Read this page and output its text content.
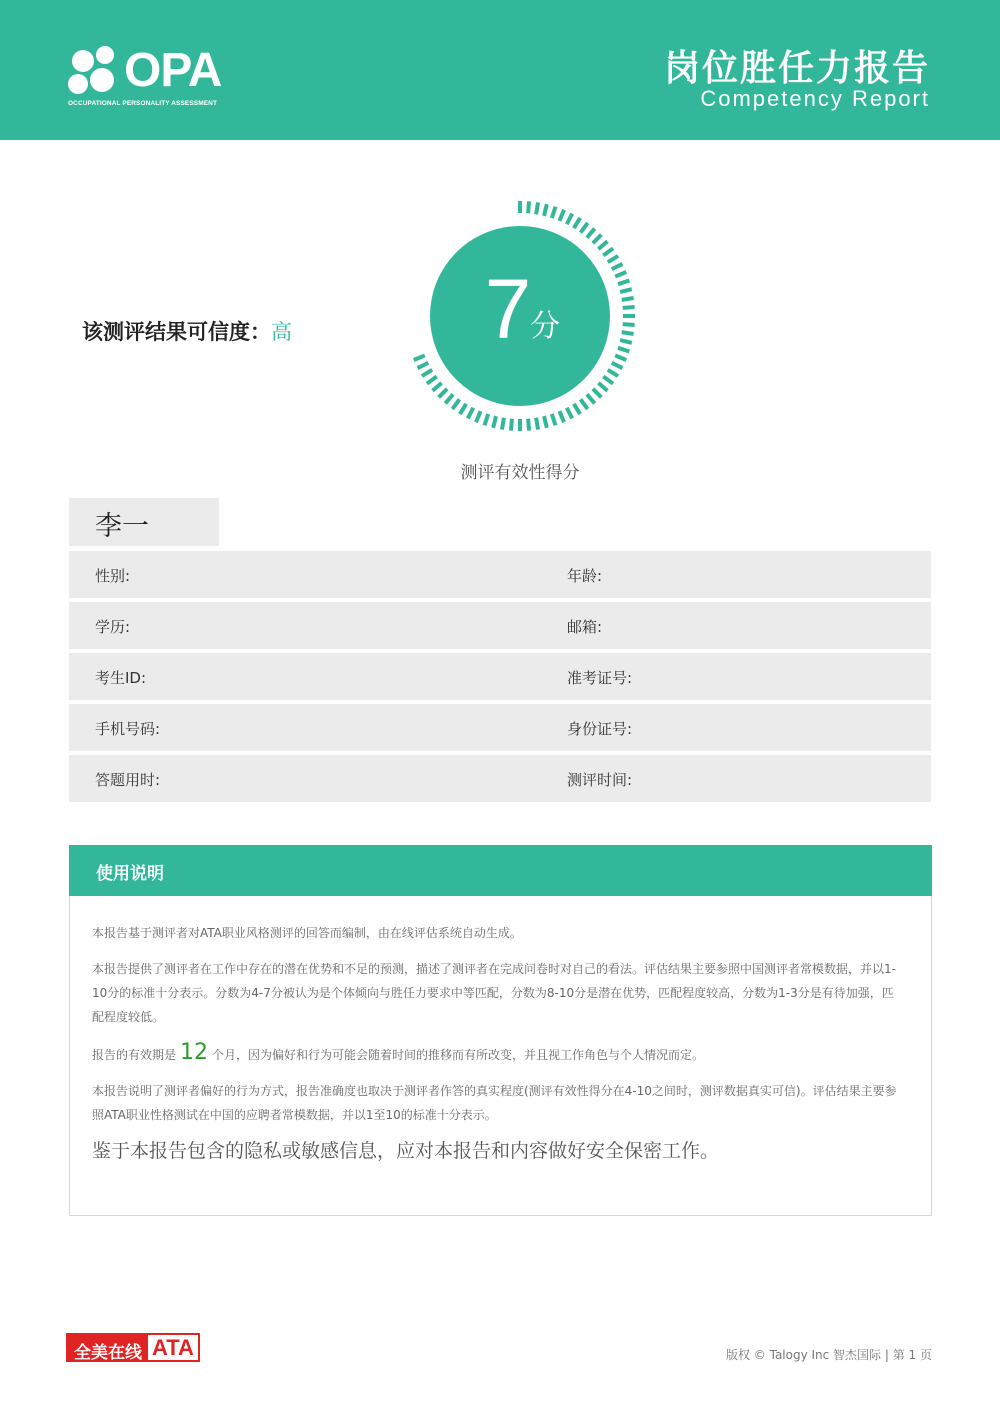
OPA
OCCUPATIONAL PERSONALITY ASSESSMENT
岗位胜任力报告
Competency Report
该测评结果可信度：高 7
分
测评有效性得分
李一
性别:	年龄:
学历:	邮箱:
考生ID:	准考证号:
手机号码:	身份证号:
答题用时:	测评时间:
使用说明

本报告基于测评者对ATA职业风格测评的回答而编制，由在线评估系统自动生成。

本报告提供了测评者在工作中存在的潜在优势和不足的预测，描述了测评者在完成问卷时对自己的看法。评估结果主要参照中国测评者常模数据，并以1-10分的标准十分表示。分数为4-7分被认为是个体倾向与胜任力要求中等匹配，分数为8-10分是潜在优势，匹配程度较高，分数为1-3分是有待加强，匹配程度较低。

报告的有效期是 12 个月，因为偏好和行为可能会随着时间的推移而有所改变，并且视工作角色与个人情况而定。

本报告说明了测评者偏好的行为方式，报告准确度也取决于测评者作答的真实程度(测评有效性得分在4-10之间时，测评数据真实可信)。评估结果主要参照ATA职业性格测试在中国的应聘者常模数据，并以1至10的标准十分表示。

鉴于本报告包含的隐私或敏感信息，应对本报告和内容做好安全保密工作。

全美在线 ATA	版权 © Talogy Inc 智杰国际 | 第 1 页
